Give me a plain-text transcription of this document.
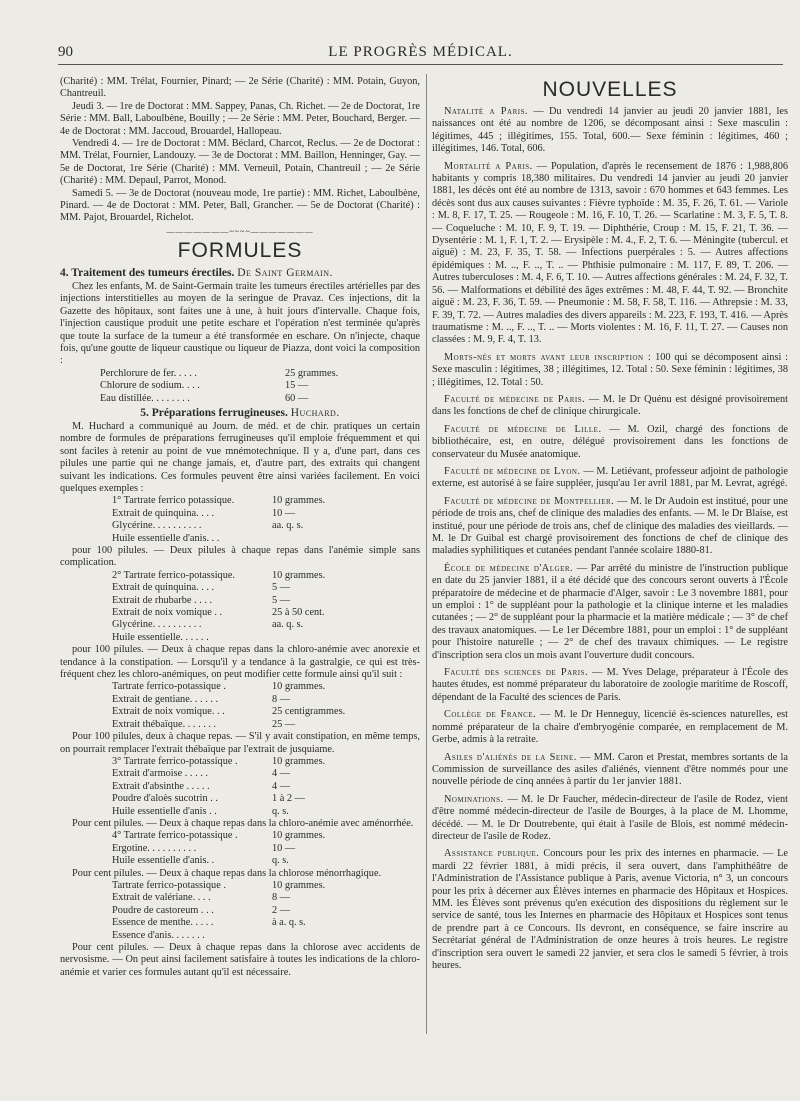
90	LE PROGRÈS MÉDICAL.

(Charité) : MM. Trélat, Fournier, Pinard; — 2e Série (Charité) : MM. Potain, Guyon, Chantreuil.

Jeudi 3. — 1re de Doctorat : MM. Sappey, Panas, Ch. Richet. — 2e de Doctorat, 1re Série : MM. Ball, Laboulbène, Bouilly ; — 2e Série : MM. Peter, Bouchard, Berger. — 4e de Doctorat : MM. Jaccoud, Brouardel, Hallopeau.

Vendredi 4. — 1re de Doctorat : MM. Béclard, Charcot, Reclus. — 2e de Doctorat : MM. Trélat, Fournier, Landouzy. — 3e de Doctorat : MM. Baillon, Henninger, Gay. — 5e de Doctorat, 1re Série (Charité) : MM. Verneuil, Potain, Chantreuil ; — 2e Série (Charité) : MM. Depaul, Parrot, Monod.

Samedi 5. — 3e de Doctorat (nouveau mode, 1re partie) : MM. Richet, Laboulbène, Pinard. — 4e de Doctorat : MM. Peter, Ball, Grancher. — 5e de Doctorat (Charité) : MM. Pajot, Brouardel, Richelot.

———————~~~~———————
FORMULES
4. Traitement des tumeurs érectiles. De Saint Germain.

Chez les enfants, M. de Saint-Germain traite les tumeurs érectiles artérielles par des injections interstitielles au moyen de la seringue de Pravaz. Ces injections, dit la Gazette des hôpitaux, sont faites une à une, à huit jours d'intervalle. Chaque fois, l'injection caustique produit une petite eschare et l'opération n'est terminée qu'après que toute la surface de la tumeur a été transformée en eschare. On n'injecte, chaque fois, qu'une goutte de liqueur caustique ou liqueur de Piazza, dont voici la composition :

Perchlorure de fer. . . . .	25 grammes.
Chlorure de sodium. . . .	15 —
Eau distillée. . . . . . . .	60 —
5. Préparations ferrugineuses. Huchard.

M. Huchard a communiqué au Journ. de méd. et de chir. pratiques un certain nombre de formules de préparations ferrugineuses qu'il emploie fréquemment et qui sont faciles à retenir au point de vue mnémotechnique. Il y a, d'une part, dans ces pilules une partie qui ne change jamais, et, d'autre part, des extraits qui changent suivant les indications. Ces formules peuvent être ainsi variées facilement. En voici quelques exemples :

1° Tartrate ferrico potassique.	10 grammes.
Extrait de quinquina. . . .	10 —
Glycérine. . . . . . . . . .	aa. q. s.
Huile essentielle d'anis. . .

pour 100 pilules. — Deux pilules à chaque repas dans l'anémie simple sans complication.

2° Tartrate ferrico-potassique.	10 grammes.
Extrait de quinquina. . . .	5 —
Extrait de rhubarbe . . . .	5 —
Extrait de noix vomique . .	25 à 50 cent.
Glycérine. . . . . . . . . .	aa. q. s.
Huile essentielle. . . . . .

pour 100 pilules. — Deux à chaque repas dans la chloro-anémie avec anorexie et tendance à la constipation. — Lorsqu'il y a tendance à la gastralgie, ce qui est très-fréquent chez les chloro-anémiques, on peut modifier cette formule ainsi qu'il suit :

Tartrate ferrico-potassique .	10 grammes.
Extrait de gentiane. . . . . .	8 —
Extrait de noix vomique. . .	25 centigrammes.
Extrait thébaïque. . . . . . .	25 —

Pour 100 pilules, deux à chaque repas. — S'il y avait constipation, en même temps, on pourrait remplacer l'extrait thébaïque par l'extrait de jusquiame.

3° Tartrate ferrico-potassique .	10 grammes.
Extrait d'armoise . . . . .	4 —
Extrait d'absinthe . . . . .	4 —
Poudre d'aloès sucotrin . .	1 à 2 —
Huile essentielle d'anis . .	q. s.

Pour cent pilules. — Deux à chaque repas dans la chloro-anémie avec aménorrhée.

4° Tartrate ferrico-potassique .	10 grammes.
Ergotine. . . . . . . . . .	10 —
Huile essentielle d'anis. .	q. s.

Pour cent pilules. — Deux à chaque repas dans la chlorose ménorrhagique.

Tartrate ferrico-potassique .	10 grammes.
Extrait de valériane. . . .	8 —
Poudre de castoreum . . .	2 —
Essence de menthe. . . . .	à a. q. s.
Essence d'anis. . . . . . .

Pour cent pilules. — Deux à chaque repas dans la chlorose avec accidents de nervosisme. — On peut ainsi facilement satisfaire à toutes les indications de la chloro-anémie et varier ces formules autant qu'il est nécessaire.

NOUVELLES

Natalité a Paris. — Du vendredi 14 janvier au jeudi 20 janvier 1881, les naissances ont été au nombre de 1206, se décomposant ainsi : Sexe masculin : légitimes, 445 ; illégitimes, 155. Total, 600.— Sexe féminin : légitimes, 460 ; illégitimes, 146. Total, 606.

Mortalité a Paris. — Population, d'après le recensement de 1876 : 1,988,806 habitants y compris 18,380 militaires. Du vendredi 14 janvier au jeudi 20 janvier 1881, les décès ont été au nombre de 1313, savoir : 670 hommes et 643 femmes. Les décès sont dus aux causes suivantes : Fièvre typhoïde : M. 35, F. 26, T. 61. — Variole : M. 8, F. 17, T. 25. — Rougeole : M. 16, F. 10, T. 26. — Scarlatine : M. 3, F. 5, T. 8. — Coqueluche : M. 10, F. 9, T. 19. — Diphthérie, Croup : M. 15, F. 21, T. 36. — Dysentérie : M. 1, F. 1, T. 2. — Erysipèle : M. 4., F. 2, T. 6. — Méningite (tubercul. et aiguë) : M. 23, F. 35, T. 58. — Infections puerpérales : 5. — Autres affections épidémiques : M. .., F. .., T. .. — Phthisie pulmonaire : M. 117, F. 89, T. 206. — Autres tuberculoses : M. 4, F. 6, T. 10. — Autres affections générales : M. 24, F. 32, T. 56. — Malformations et débilité des âges extrêmes : M. 48, F. 44, T. 92. — Bronchite aiguë : M. 23, F. 36, T. 59. — Pneumonie : M. 58, F. 58, T. 116. — Athrepsie : M. 33, F. 39, T. 72. — Autres maladies des divers appareils : M. 223, F. 193, T. 416. — Après traumatisme : M. .., F. .., T. .. — Morts violentes : M. 16, F. 11, T. 27. — Causes non classées : M. 9, F. 4, T. 13.

Morts-nés et morts avant leur inscription : 100 qui se décomposent ainsi : Sexe masculin : légitimes, 38 ; illégitimes, 12. Total : 50. Sexe féminin : légitimes, 38 ; illégitimes, 12. Total : 50.

Faculté de médecine de Paris. — M. le Dr Quénu est désigné provisoirement dans les fonctions de chef de clinique chirurgicale.

Faculté de médecine de Lille. — M. Ozil, chargé des fonctions de bibliothécaire, est, en outre, délégué provisoirement dans les fonctions de conservateur du Musée anatomique.

Faculté de médecine de Lyon. — M. Letiévant, professeur adjoint de pathologie externe, est autorisé à se faire suppléer, jusqu'au 1er avril 1881, par M. Levrat, agrégé.

Faculté de médecine de Montpellier. — M. le Dr Audoin est institué, pour une période de trois ans, chef de clinique des maladies des enfants. — M. le Dr Blaise, est institué, pour une période de trois ans, chef de clinique des maladies des vieillards. — M. le Dr Guibal est chargé provisoirement des fonctions de chef de clinique des maladies syphilitiques et cutanées pendant l'année scolaire 1880-81.

École de médecine d'Alger. — Par arrêté du ministre de l'instruction publique en date du 25 janvier 1881, il a été décidé que des concours seront ouverts à l'École préparatoire de médecine et de pharmacie d'Alger, savoir : Le 3 novembre 1881, pour un emploi : 1° de suppléant pour la pathologie et la clinique interne et les maladies cutanées ; — 2° de suppléant pour la pharmacie et la matière médicale ; — 3° de chef des travaux anatomiques. — Le 1er Décembre 1881, pour un emploi : 1° de suppléant pour l'histoire naturelle ; — 2° de chef des travaux chimiques. — Le registre d'inscription sera clos un mois avant l'ouverture dudit concours.

Faculté des sciences de Paris. — M. Yves Delage, préparateur à l'École des hautes études, est nommé préparateur du laboratoire de zoologie maritime de Roscoff, dépendant de la Faculté des sciences de Paris.

Collège de France. — M. le Dr Henneguy, licencié ès-sciences naturelles, est nommé préparateur de la chaire d'embryogénie comparée, en remplacement de M. Gerbe, admis à la retraite.

Asiles d'aliénés de la Seine. — MM. Caron et Prestat, membres sortants de la Commission de surveillance des asiles d'aliénés, viennent d'être nommés pour une nouvelle période de cinq années à partir du 1er janvier 1881.

Nominations. — M. le Dr Faucher, médecin-directeur de l'asile de Rodez, vient d'être nommé médecin-directeur de l'asile de Bourges, à la place de M. Lhomme, décédé. — M. le Dr Doutrebente, qui était à l'asile de Blois, est nommé médecin-directeur de l'asile de Rodez.

Assistance publique. Concours pour les prix des internes en pharmacie. — Le mardi 22 février 1881, à midi précis, il sera ouvert, dans l'amphithéâtre de l'Administration de l'Assistance publique à Paris, avenue Victoria, n° 3, un concours pour les prix à décerner aux Élèves internes en pharmacie des Hôpitaux et Hospices. MM. les Élèves sont prévenus qu'en exécution des dispositions du règlement sur le service de santé, tous les Internes en pharmacie des Hôpitaux et Hospices sont tenus de prendre part à ce Concours. Ils devront, en conséquence, se faire inscrire au Secrétariat général de l'Administration de onze heures à trois heures. Le registre d'inscription sera ouvert le samedi 22 janvier, et sera clos le samedi 5 février, à trois heures.
